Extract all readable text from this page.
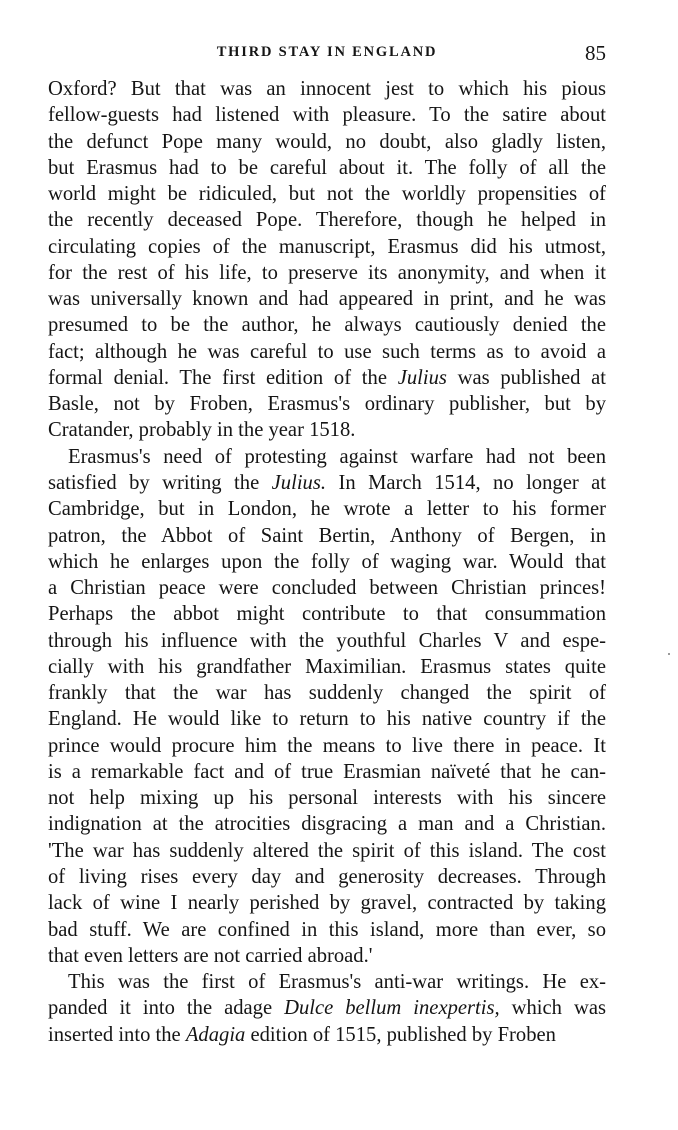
THIRD STAY IN ENGLAND	85
Oxford? But that was an innocent jest to which his pious
fellow-guests had listened with pleasure. To the satire about
the defunct Pope many would, no doubt, also gladly listen,
but Erasmus had to be careful about it. The folly of all the
world might be ridiculed, but not the worldly propensities of
the recently deceased Pope. Therefore, though he helped in
circulating copies of the manuscript, Erasmus did his utmost,
for the rest of his life, to preserve its anonymity, and when it
was universally known and had appeared in print, and he was
presumed to be the author, he always cautiously denied the
fact; although he was careful to use such terms as to avoid a
formal denial. The first edition of the Julius was published at
Basle, not by Froben, Erasmus's ordinary publisher, but by
Cratander, probably in the year 1518.
Erasmus's need of protesting against warfare had not been
satisfied by writing the Julius. In March 1514, no longer at
Cambridge, but in London, he wrote a letter to his former
patron, the Abbot of Saint Bertin, Anthony of Bergen, in
which he enlarges upon the folly of waging war. Would that
a Christian peace were concluded between Christian princes!
Perhaps the abbot might contribute to that consummation
through his influence with the youthful Charles V and espe-
cially with his grandfather Maximilian. Erasmus states quite
frankly that the war has suddenly changed the spirit of
England. He would like to return to his native country if the
prince would procure him the means to live there in peace. It
is a remarkable fact and of true Erasmian naïveté that he can-
not help mixing up his personal interests with his sincere
indignation at the atrocities disgracing a man and a Christian.
'The war has suddenly altered the spirit of this island. The cost
of living rises every day and generosity decreases. Through
lack of wine I nearly perished by gravel, contracted by taking
bad stuff. We are confined in this island, more than ever, so
that even letters are not carried abroad.'
This was the first of Erasmus's anti-war writings. He ex-
panded it into the adage Dulce bellum inexpertis, which was
inserted into the Adagia edition of 1515, published by Froben
